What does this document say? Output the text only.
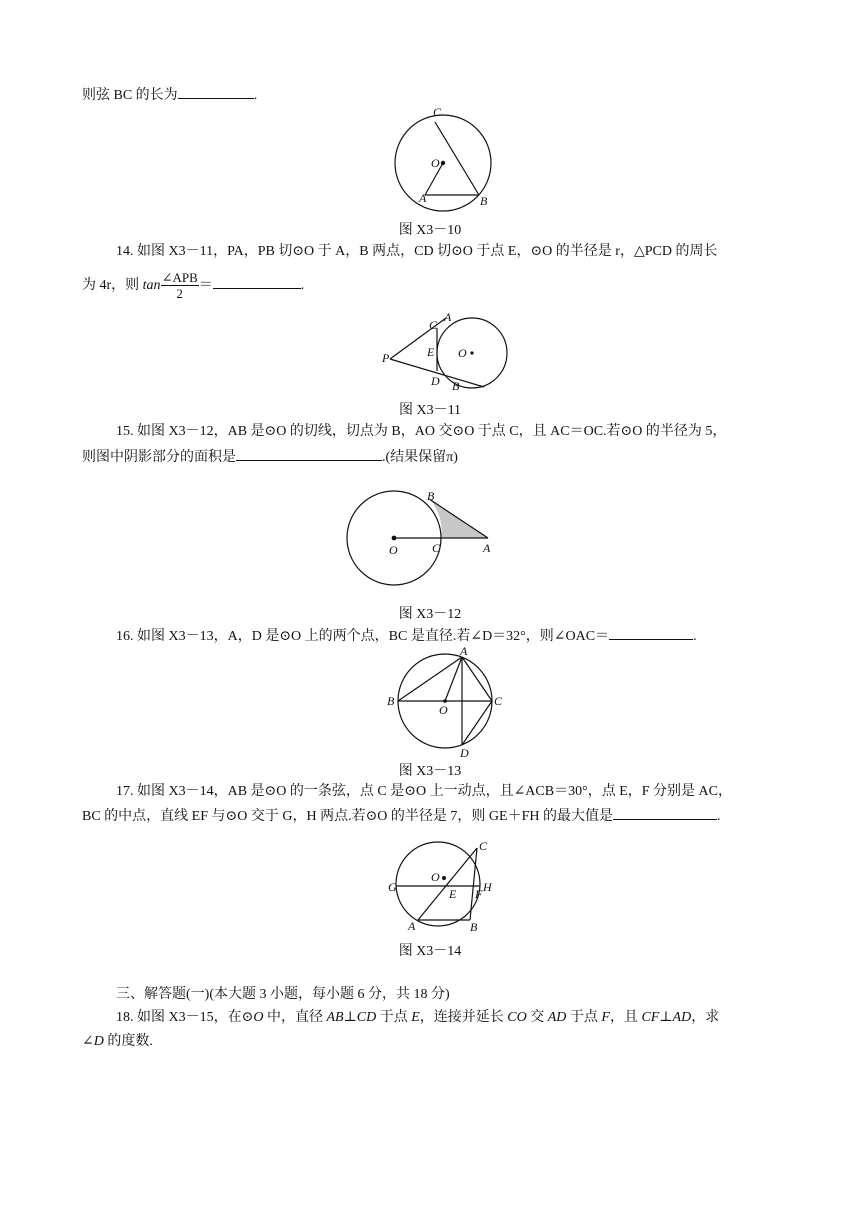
则弦 BC 的长为	.
C
O
A	B
图 X3－10
14. 如图 X3－11，PA，PB 切⊙O 于 A，B 两点，CD 切⊙O 于点 E，⊙O 的半径是 r，△PCD 的周长
为 4r，则 $\tan \frac{\text{∠APB}}{2}$ ＝	.
C
A
P	E O
D B
图 X3－11
15. 如图 X3－12，AB 是⊙O 的切线，切点为 B，AO 交⊙O 于点 C，且 AC＝OC.若⊙O 的半径为 5，
则图中阴影部分的面积是	.(结果保留π)
B
O	C	A
图 X3－12
16. 如图 X3－13，A，D 是⊙O 上的两个点，BC 是直径.若∠D＝32°，则∠OAC＝	.
A
B
O
C
D
图 X3－13
17. 如图 X3－14，AB 是⊙O 的一条弦，点 C 是⊙O 上一动点，且∠ACB＝30°，点 E，F 分别是 AC，
BC 的中点，直线 EF 与⊙O 交于 G，H 两点.若⊙O 的半径是 7，则 GE＋FH 的最大值是	.
C
O
G	E F H
A	B
图 X3－14
三、解答题(一)(本大题 3 小题，每小题 6 分，共 18 分)
18. 如图 X3－15，在⊙O 中，直径 AB⊥CD 于点 E，连接并延长 CO 交 AD 于点 F，且 CF⊥AD，求
∠D 的度数.
